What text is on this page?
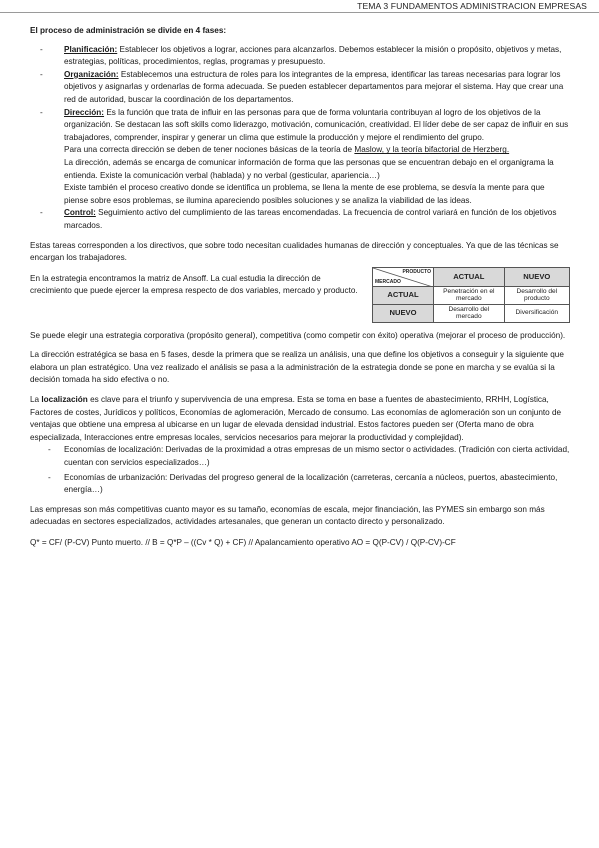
TEMA 3 FUNDAMENTOS ADMINISTRACION EMPRESAS

El proceso de administración se divide en 4 fases:

- Planificación: Establecer los objetivos a lograr, acciones para alcanzarlos. Debemos establecer la misión o propósito, objetivos y metas, estrategias, políticas, procedimientos, reglas, programas y presupuesto.
- Organización: Establecemos una estructura de roles para los integrantes de la empresa, identificar las tareas necesarias para lograr los objetivos y asignarlas y ordenarlas de forma adecuada. Se pueden establecer departamentos para mejorar el sistema. Hay que crear una red de autoridad, buscar la coordinación de los departamentos.
- Dirección: Es la función que trata de influir en las personas para que de forma voluntaria contribuyan al logro de los objetivos de la organización. Se destacan las soft skills como liderazgo, motivación, comunicación, creatividad. El líder debe de ser capaz de influir en sus trabajadores, comprender, inspirar y generar un clima que estimule la producción y mejore el rendimiento del grupo.
Para una correcta dirección se deben de tener nociones básicas de la teoría de Maslow, y la teoría bifactorial de Herzberg.
La dirección, además se encarga de comunicar información de forma que las personas que se encuentran debajo en el organigrama la entienda. Existe la comunicación verbal (hablada) y no verbal (gesticular, apariencia…)
Existe también el proceso creativo donde se identifica un problema, se llena la mente de ese problema, se desvía la mente para que piense sobre esos problemas, se ilumina apareciendo posibles soluciones y se analiza la viabilidad de las ideas.
- Control: Seguimiento activo del cumplimiento de las tareas encomendadas. La frecuencia de control variará en función de los objetivos marcados.

Estas tareas corresponden a los directivos, que sobre todo necesitan cualidades humanas de dirección y conceptuales. Ya que de las técnicas se encargan los trabajadores.

En la estrategia encontramos la matriz de Ansoff. La cual estudia la dirección de crecimiento que puede ejercer la empresa respecto de dos variables, mercado y producto.

PRODUCTO
MERCADO	ACTUAL	NUEVO
ACTUAL	Penetración en el mercado	Desarrollo del producto
NUEVO	Desarrollo del mercado	Diversificación

Se puede elegir una estrategia corporativa (propósito general), competitiva (como competir con éxito) operativa (mejorar el proceso de producción).

La dirección estratégica se basa en 5 fases, desde la primera que se realiza un análisis, una que define los objetivos a conseguir y la siguiente que elabora un plan estratégico. Una vez realizado el análisis se pasa a la administración de la estrategia donde se pone en marcha y se evalúa si la decisión tomada ha sido efectiva o no.

La localización es clave para el triunfo y supervivencia de una empresa. Esta se toma en base a fuentes de abastecimiento, RRHH, Logística, Factores de costes, Jurídicos y políticos, Economías de aglomeración, Mercado de consumo. Las economías de aglomeración son un conjunto de ventajas que obtiene una empresa al ubicarse en un lugar de elevada densidad industrial. Estos factores pueden ser (Oferta mano de obra especializada, Interacciones entre empresas locales, servicios necesarios para mejorar la productividad y complejidad).

- Economías de localización: Derivadas de la proximidad a otras empresas de un mismo sector o actividades. (Tradición con cierta actividad, cuentan con servicios especializados…)
- Economías de urbanización: Derivadas del progreso general de la localización (carreteras, cercanía a núcleos, puertos, abastecimiento, energía…)

Las empresas son más competitivas cuanto mayor es su tamaño, economías de escala, mejor financiación, las PYMES sin embargo son más adecuadas en sectores especializados, actividades artesanales, que generan un contacto directo y personalizado.

Q* = CF/ (P-CV) Punto muerto. // B = Q*P – ((Cv * Q) + CF) // Apalancamiento operativo AO = Q(P-CV) / Q(P-CV)-CF
